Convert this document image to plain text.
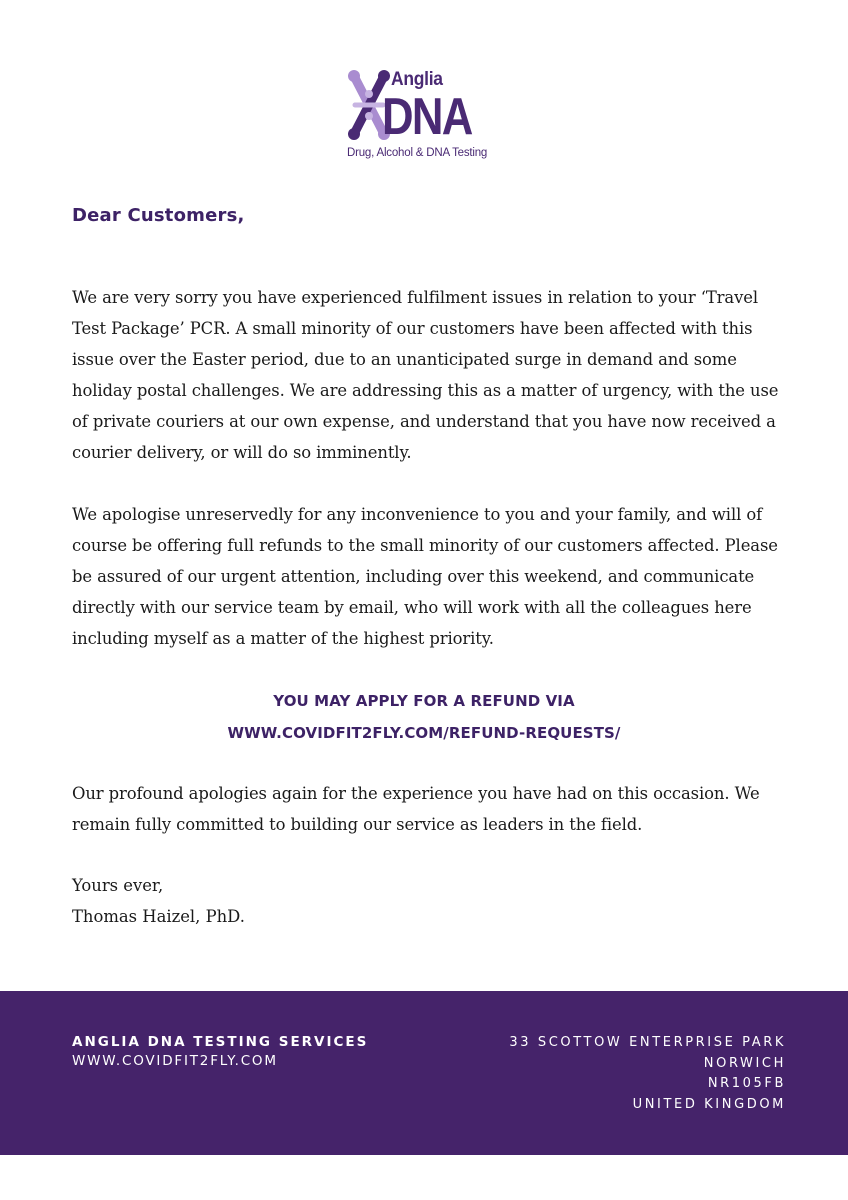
Anglia
DNA
Drug, Alcohol & DNA Testing
Dear Customers,

We are very sorry you have experienced fulfilment issues in relation to your ‘Travel Test Package’ PCR. A small minority of our customers have been affected with this issue over the Easter period, due to an unanticipated surge in demand and some holiday postal challenges. We are addressing this as a matter of urgency, with the use of private couriers at our own expense, and understand that you have now received a courier delivery, or will do so imminently.

We apologise unreservedly for any inconvenience to you and your family, and will of course be offering full refunds to the small minority of our customers affected. Please be assured of our urgent attention, including over this weekend, and communicate directly with our service team by email, who will work with all the colleagues here including myself as a matter of the highest priority.

YOU MAY APPLY FOR A REFUND VIA
WWW.COVIDFIT2FLY.COM/REFUND-REQUESTS/

Our profound apologies again for the experience you have had on this occasion. We remain fully committed to building our service as leaders in the field.

Yours ever,
Thomas Haizel, PhD.
ANGLIA DNA TESTING SERVICES
WWW.COVIDFIT2FLY.COM
33 SCOTTOW ENTERPRISE PARK
NORWICH
NR105FB
UNITED KINGDOM
